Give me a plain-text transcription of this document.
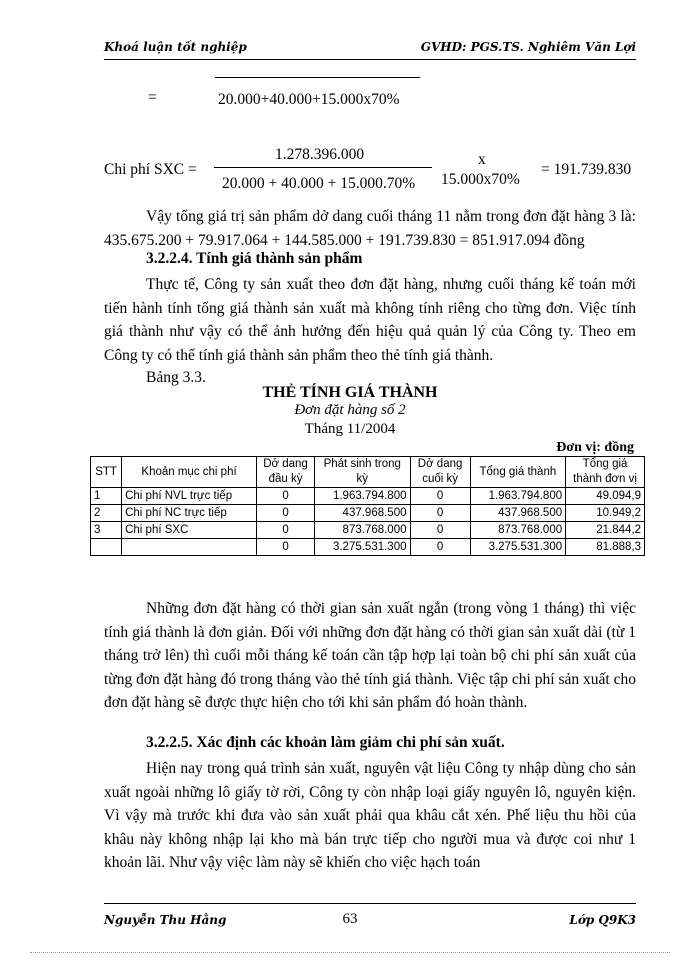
Khoá luận tốt nghiệp	GVHD: PGS.TS. Nghiêm Văn Lợi
=	20.000+40.000+15.000x70%
1.278.396.000
Chi phí SXC =
x
= 191.739.830
20.000 + 40.000 + 15.000.70% 15.000x70%
Vậy tổng giá trị sản phẩm dở dang cuối tháng 11 nằm trong đơn đặt hàng 3 là: 435.675.200 + 79.917.064 + 144.585.000 + 191.739.830 = 851.917.094 đồng
3.2.2.4. Tính giá thành sản phẩm
Thực tế, Công ty sản xuất theo đơn đặt hàng, nhưng cuối tháng kế toán mới tiến hành tính tổng giá thành sản xuất mà không tính riêng cho từng đơn. Việc tính giá thành như vậy có thể ảnh hưởng đến hiệu quả quản lý của Công ty. Theo em Công ty có thể tính giá thành sản phẩm theo thẻ tính giá thành.
Bảng 3.3.
THẺ TÍNH GIÁ THÀNH
Đơn đặt hàng số 2
Tháng 11/2004
Đơn vị: đồng
STT	Khoản mục chi phí	Dở dang đầu kỳ	Phát sinh trong kỳ	Dở dang cuối kỳ	Tổng giá thành	Tổng giá thành đơn vị
1	Chi phí NVL trực tiếp	0	1.963.794.800	0	1.963.794.800	49.094,9
2	Chi phí NC trực tiếp	0	437.968.500	0	437.968.500	10.949,2
3	Chi phí SXC	0	873.768.000	0	873.768.000	21.844,2
		0	3.275.531.300	0	3.275.531.300	81.888,3
Những đơn đặt hàng có thời gian sản xuất ngắn (trong vòng 1 tháng) thì việc tính giá thành là đơn giản. Đối với những đơn đặt hàng có thời gian sản xuất dài (từ 1 tháng trở lên) thì cuối mỗi tháng kế toán cần tập hợp lại toàn bộ chi phí sản xuất của từng đơn đặt hàng đó trong tháng vào thẻ tính giá thành. Việc tập chi phí sản xuất cho đơn đặt hàng sẽ được thực hiện cho tới khi sản phẩm đó hoàn thành.
3.2.2.5. Xác định các khoản làm giảm chi phí sản xuất.
Hiện nay trong quá trình sản xuất, nguyên vật liệu Công ty nhập dùng cho sản xuất ngoài những lô giấy tờ rời, Công ty còn nhập loại giấy nguyên lô, nguyên kiện. Vì vậy mà trước khi đưa vào sản xuất phải qua khâu cắt xén. Phế liệu thu hồi của khâu này không nhập lại kho mà bán trực tiếp cho người mua và được coi như 1 khoản lãi. Như vậy việc làm này sẽ khiến cho việc hạch toán
Nguyễn Thu Hằng	63	Lớp Q9K3
